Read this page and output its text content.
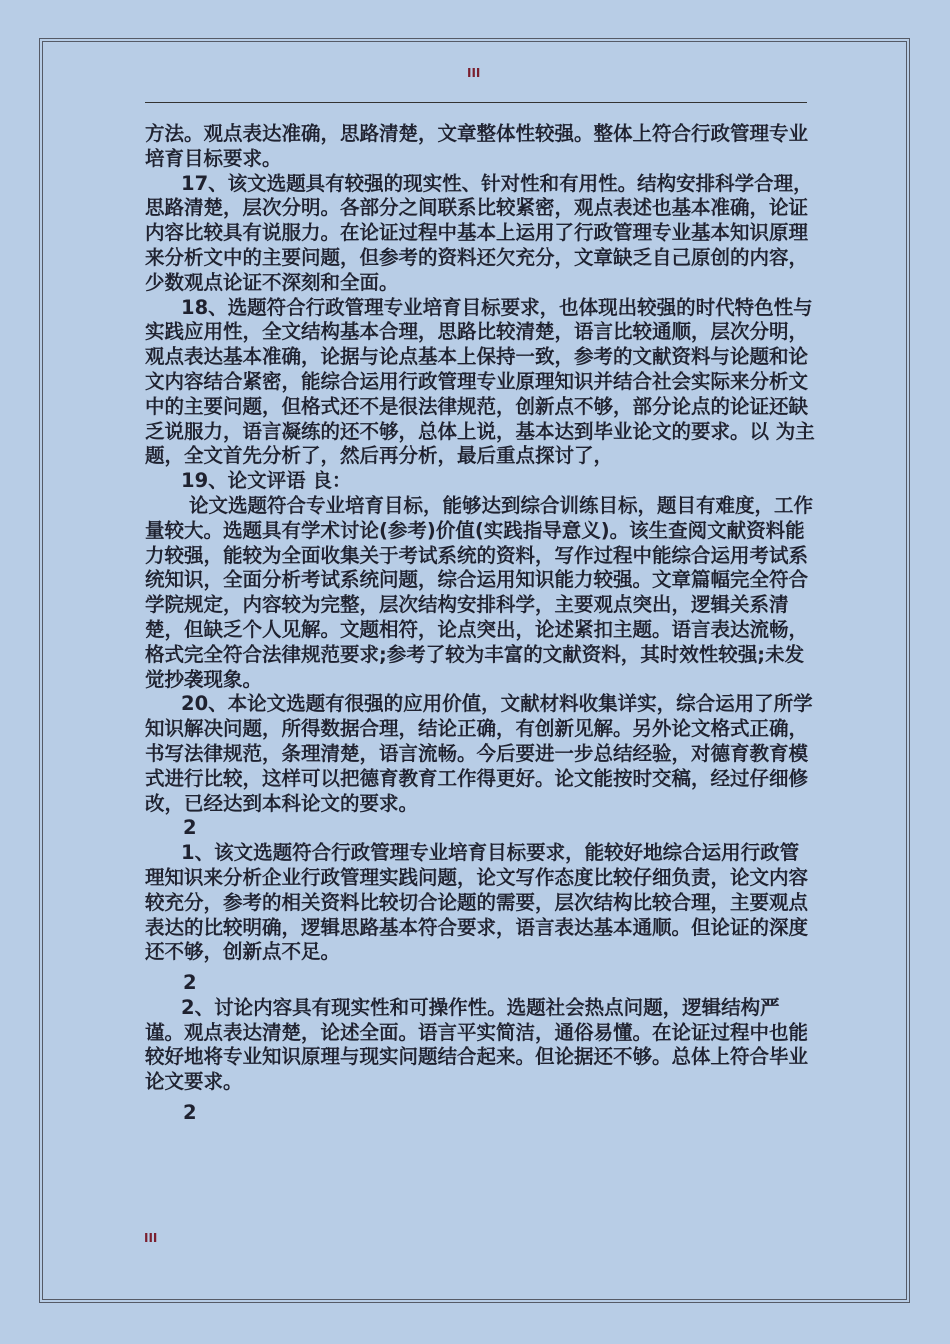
III

方法。观点表达准确，思路清楚，文章整体性较强。整体上符合行政管理专业培育目标要求。

17、该文选题具有较强的现实性、针对性和有用性。结构安排科学合理，思路清楚，层次分明。各部分之间联系比较紧密，观点表述也基本准确，论证内容比较具有说服力。在论证过程中基本上运用了行政管理专业基本知识原理来分析文中的主要问题，但参考的资料还欠充分，文章缺乏自己原创的内容，少数观点论证不深刻和全面。

18、选题符合行政管理专业培育目标要求，也体现出较强的时代特色性与实践应用性，全文结构基本合理，思路比较清楚，语言比较通顺，层次分明，观点表达基本准确，论据与论点基本上保持一致，参考的文献资料与论题和论文内容结合紧密，能综合运用行政管理专业原理知识并结合社会实际来分析文中的主要问题，但格式还不是很法律规范，创新点不够，部分论点的论证还缺乏说服力，语言凝练的还不够，总体上说，基本达到毕业论文的要求。以 为主题，全文首先分析了，然后再分析，最后重点探讨了，

19、论文评语 良：

论文选题符合专业培育目标，能够达到综合训练目标，题目有难度，工作量较大。选题具有学术讨论(参考)价值(实践指导意义)。该生查阅文献资料能力较强，能较为全面收集关于考试系统的资料，写作过程中能综合运用考试系统知识，全面分析考试系统问题，综合运用知识能力较强。文章篇幅完全符合学院规定，内容较为完整，层次结构安排科学，主要观点突出，逻辑关系清楚，但缺乏个人见解。文题相符，论点突出，论述紧扣主题。语言表达流畅，格式完全符合法律规范要求;参考了较为丰富的文献资料，其时效性较强;未发觉抄袭现象。

20、本论文选题有很强的应用价值，文献材料收集详实，综合运用了所学知识解决问题，所得数据合理，结论正确，有创新见解。另外论文格式正确，书写法律规范，条理清楚，语言流畅。今后要进一步总结经验，对德育教育模式进行比较，这样可以把德育教育工作得更好。论文能按时交稿，经过仔细修改，已经达到本科论文的要求。

2

1、该文选题符合行政管理专业培育目标要求，能较好地综合运用行政管理知识来分析企业行政管理实践问题，论文写作态度比较仔细负责，论文内容较充分，参考的相关资料比较切合论题的需要，层次结构比较合理，主要观点表达的比较明确，逻辑思路基本符合要求，语言表达基本通顺。但论证的深度还不够，创新点不足。

2

2、讨论内容具有现实性和可操作性。选题社会热点问题，逻辑结构严谨。观点表达清楚，论述全面。语言平实简洁，通俗易懂。在论证过程中也能较好地将专业知识原理与现实问题结合起来。但论据还不够。总体上符合毕业论文要求。

2

III
